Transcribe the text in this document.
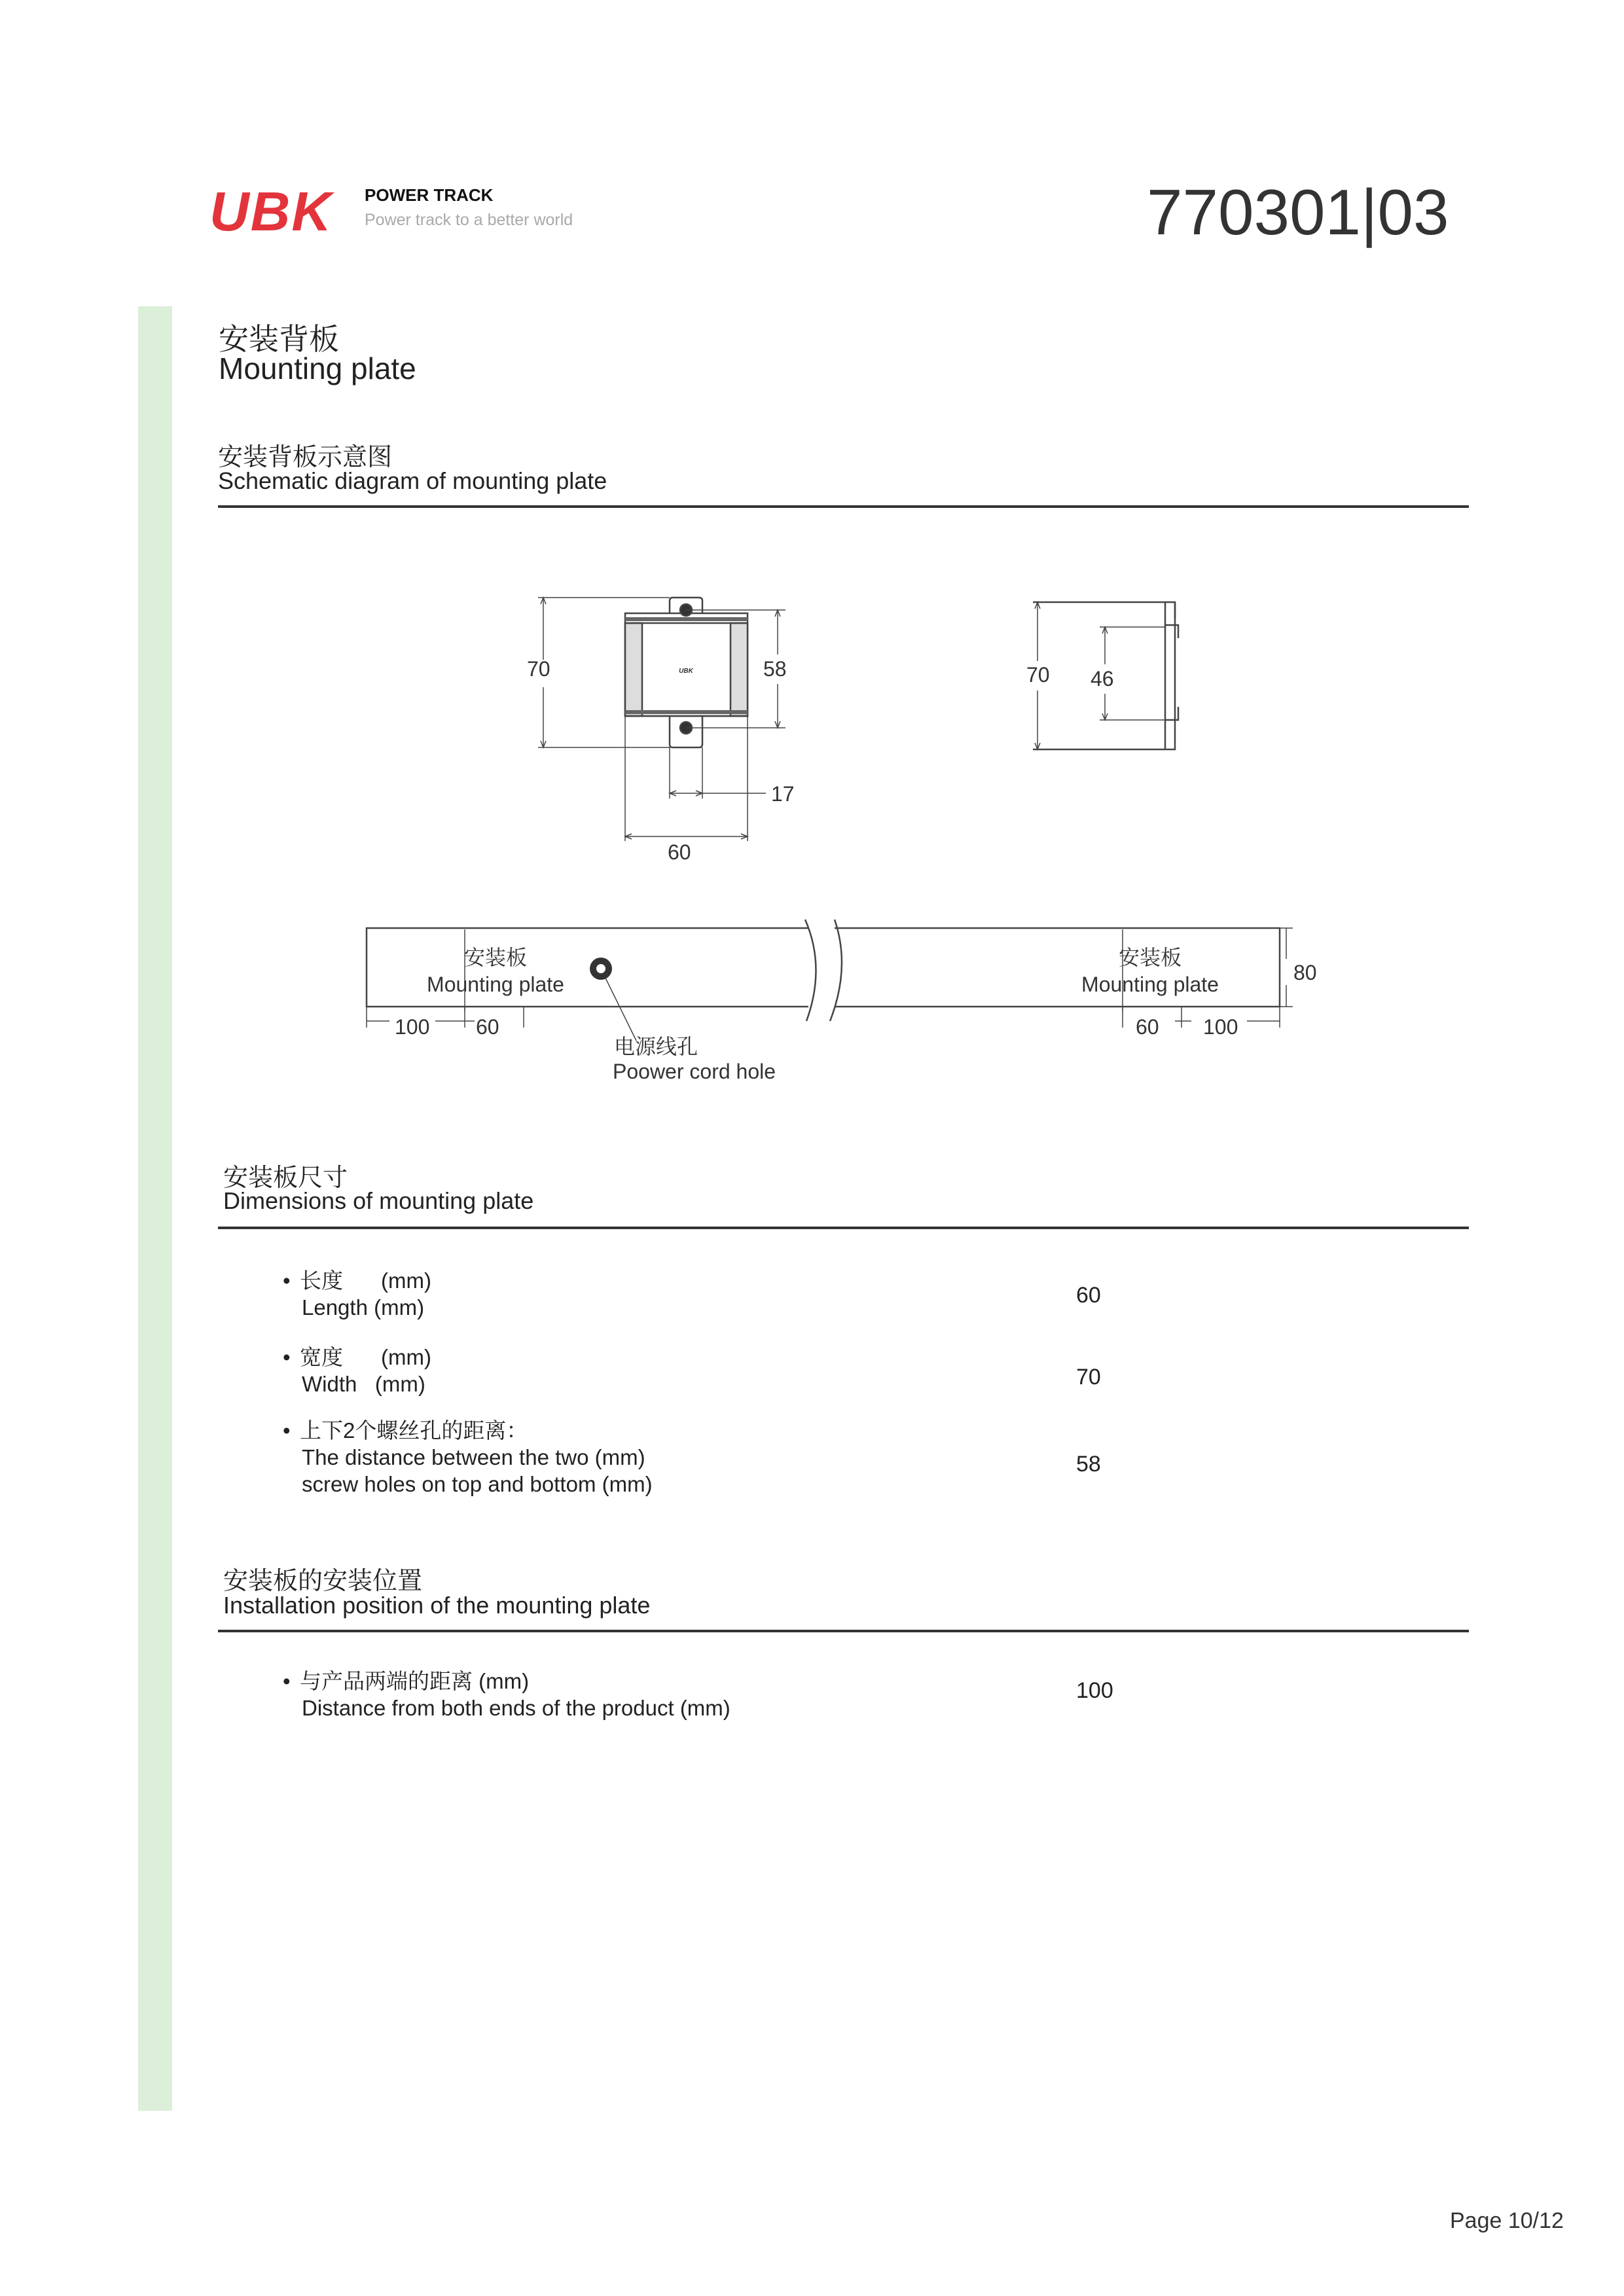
UBK POWER TRACK
Power track to a better world	770301|03
安装背板
Mounting plate
安装背板示意图
Schematic diagram of mounting plate
UBK
70	58
17
60
70 46
安装板
Mounting plate
安装板
Mounting plate
电源线孔
Poower cord hole
100 60	60 100
80
安装板尺寸
Dimensions of mounting plate
• 长度 (mm)
Length (mm)	60
• 宽度 (mm)
Width   (mm)	70
• 上下2个螺丝孔的距离：
The distance between the two (mm)
screw holes on top and bottom (mm)
58
安装板的安装位置
Installation position of the mounting plate
• 与产品两端的距离 (mm)
Distance from both ends of the product (mm)
100
Page 10/12
